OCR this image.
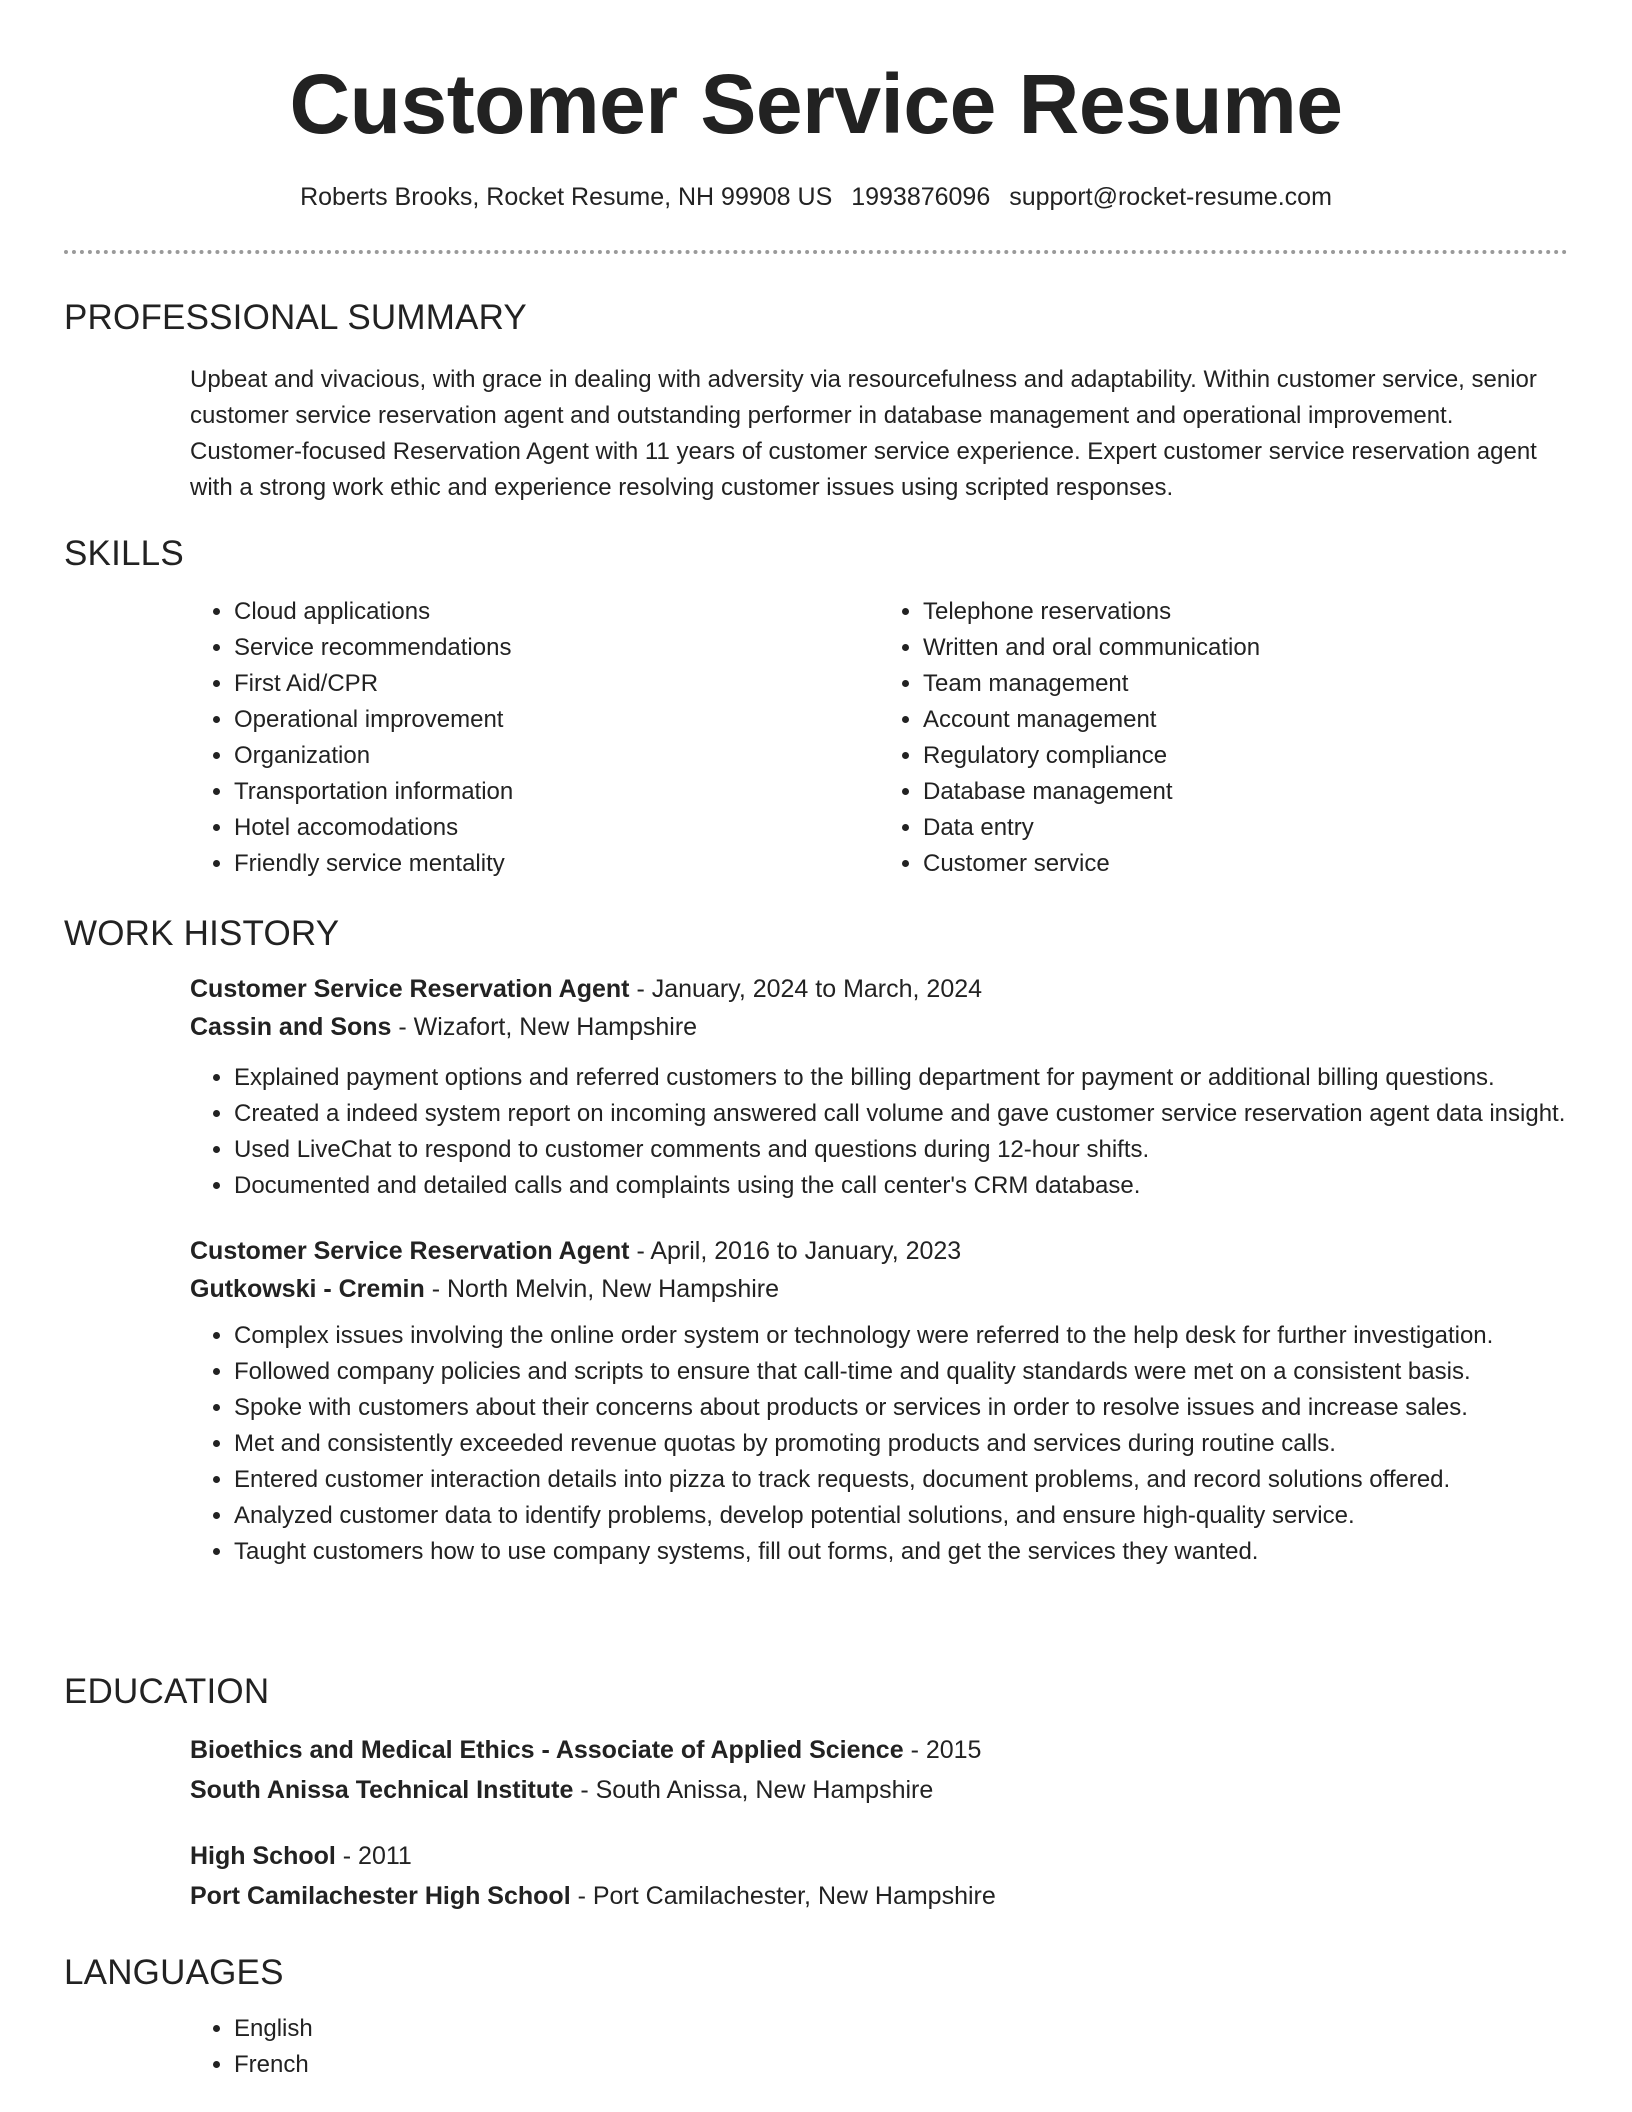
Customer Service Resume
Roberts Brooks, Rocket Resume, NH 99908 US 1993876096 support@rocket-resume.com
PROFESSIONAL SUMMARY
Upbeat and vivacious, with grace in dealing with adversity via resourcefulness and adaptability. Within customer service, senior customer service reservation agent and outstanding performer in database management and operational improvement. Customer-focused Reservation Agent with 11 years of customer service experience. Expert customer service reservation agent with a strong work ethic and experience resolving customer issues using scripted responses.
SKILLS
• Cloud applications
• Service recommendations
• First Aid/CPR
• Operational improvement
• Organization
• Transportation information
• Hotel accomodations
• Friendly service mentality
• Telephone reservations
• Written and oral communication
• Team management
• Account management
• Regulatory compliance
• Database management
• Data entry
• Customer service
WORK HISTORY
Customer Service Reservation Agent - January, 2024 to March, 2024
Cassin and Sons - Wizafort, New Hampshire
• Explained payment options and referred customers to the billing department for payment or additional billing questions.
• Created a indeed system report on incoming answered call volume and gave customer service reservation agent data insight.
• Used LiveChat to respond to customer comments and questions during 12-hour shifts.
• Documented and detailed calls and complaints using the call center's CRM database.
Customer Service Reservation Agent - April, 2016 to January, 2023
Gutkowski - Cremin - North Melvin, New Hampshire
• Complex issues involving the online order system or technology were referred to the help desk for further investigation.
• Followed company policies and scripts to ensure that call-time and quality standards were met on a consistent basis.
• Spoke with customers about their concerns about products or services in order to resolve issues and increase sales.
• Met and consistently exceeded revenue quotas by promoting products and services during routine calls.
• Entered customer interaction details into pizza to track requests, document problems, and record solutions offered.
• Analyzed customer data to identify problems, develop potential solutions, and ensure high-quality service.
• Taught customers how to use company systems, fill out forms, and get the services they wanted.
EDUCATION
Bioethics and Medical Ethics - Associate of Applied Science - 2015
South Anissa Technical Institute - South Anissa, New Hampshire
High School - 2011
Port Camilachester High School - Port Camilachester, New Hampshire
LANGUAGES
• English
• French
